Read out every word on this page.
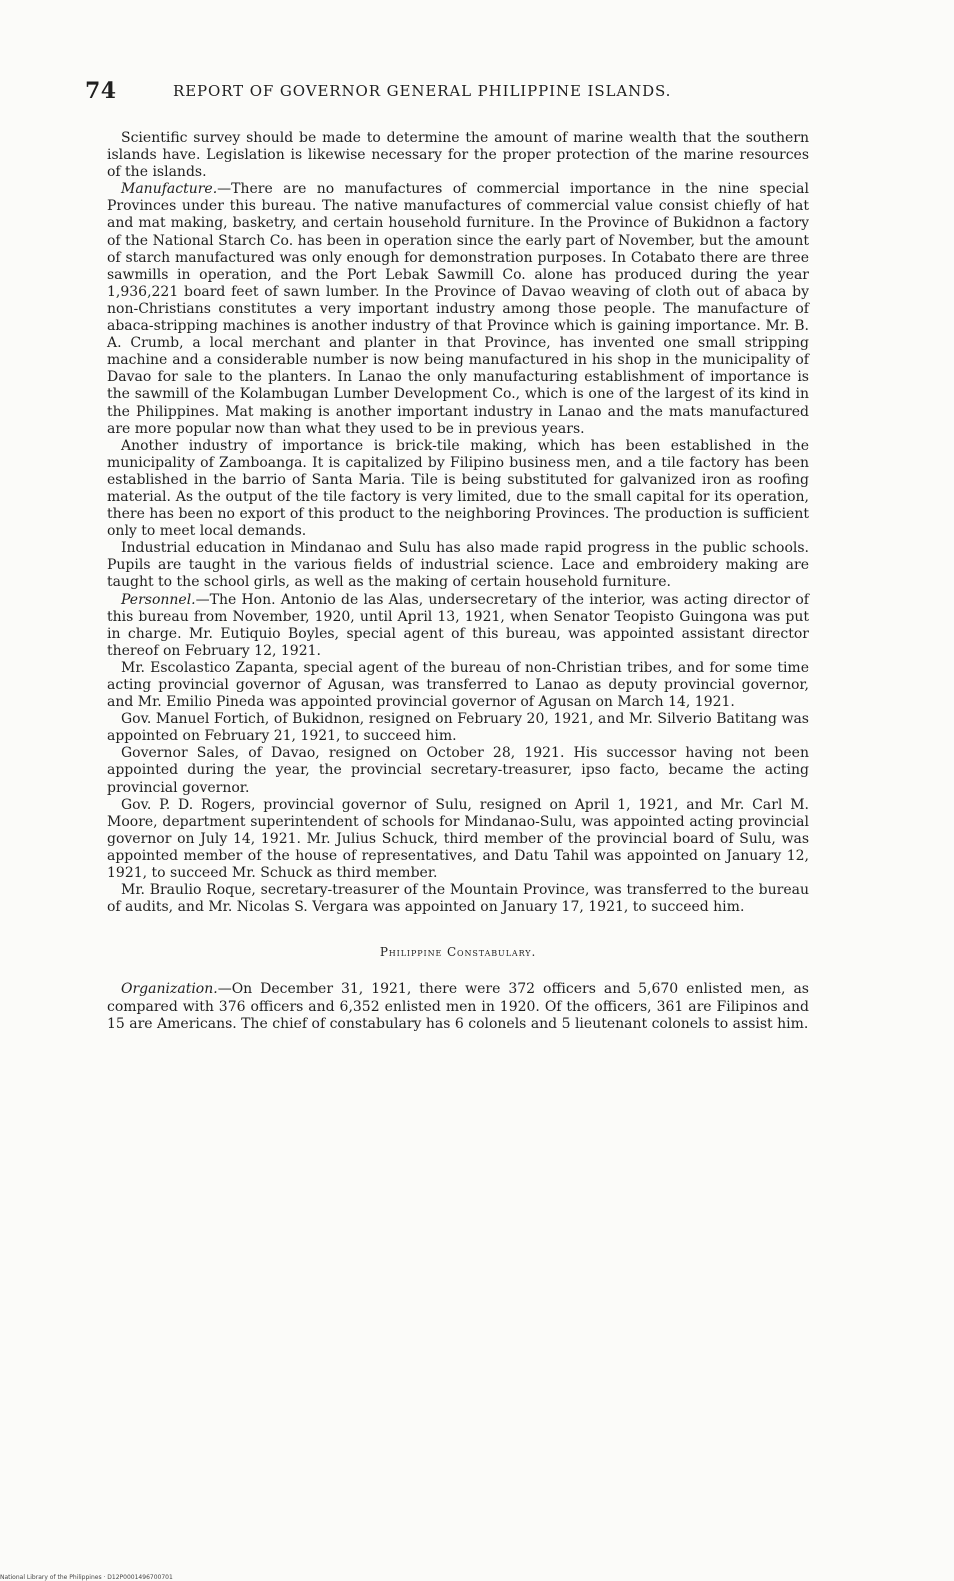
74	REPORT OF GOVERNOR GENERAL PHILIPPINE ISLANDS.

Scientific survey should be made to determine the amount of marine wealth that the southern islands have. Legislation is likewise necessary for the proper protection of the marine resources of the islands.

Manufacture.—There are no manufactures of commercial importance in the nine special Provinces under this bureau. The native manufactures of commercial value consist chiefly of hat and mat making, basketry, and certain household furniture. In the Province of Bukidnon a factory of the National Starch Co. has been in operation since the early part of November, but the amount of starch manufactured was only enough for demonstration purposes. In Cotabato there are three sawmills in operation, and the Port Lebak Sawmill Co. alone has produced during the year 1,936,221 board feet of sawn lumber. In the Province of Davao weaving of cloth out of abaca by non-Christians constitutes a very important industry among those people. The manufacture of abaca-stripping machines is another industry of that Province which is gaining importance. Mr. B. A. Crumb, a local merchant and planter in that Province, has invented one small stripping machine and a considerable number is now being manufactured in his shop in the municipality of Davao for sale to the planters. In Lanao the only manufacturing establishment of importance is the sawmill of the Kolambugan Lumber Development Co., which is one of the largest of its kind in the Philippines. Mat making is another important industry in Lanao and the mats manufactured are more popular now than what they used to be in previous years.

Another industry of importance is brick-tile making, which has been established in the municipality of Zamboanga. It is capitalized by Filipino business men, and a tile factory has been established in the barrio of Santa Maria. Tile is being substituted for galvanized iron as roofing material. As the output of the tile factory is very limited, due to the small capital for its operation, there has been no export of this product to the neighboring Provinces. The production is sufficient only to meet local demands.

Industrial education in Mindanao and Sulu has also made rapid progress in the public schools. Pupils are taught in the various fields of industrial science. Lace and embroidery making are taught to the school girls, as well as the making of certain household furniture.

Personnel.—The Hon. Antonio de las Alas, undersecretary of the interior, was acting director of this bureau from November, 1920, until April 13, 1921, when Senator Teopisto Guingona was put in charge. Mr. Eutiquio Boyles, special agent of this bureau, was appointed assistant director thereof on February 12, 1921.

Mr. Escolastico Zapanta, special agent of the bureau of non-Christian tribes, and for some time acting provincial governor of Agusan, was transferred to Lanao as deputy provincial governor, and Mr. Emilio Pineda was appointed provincial governor of Agusan on March 14, 1921.

Gov. Manuel Fortich, of Bukidnon, resigned on February 20, 1921, and Mr. Silverio Batitang was appointed on February 21, 1921, to succeed him.

Governor Sales, of Davao, resigned on October 28, 1921. His successor having not been appointed during the year, the provincial secretary-treasurer, ipso facto, became the acting provincial governor.

Gov. P. D. Rogers, provincial governor of Sulu, resigned on April 1, 1921, and Mr. Carl M. Moore, department superintendent of schools for Mindanao-Sulu, was appointed acting provincial governor on July 14, 1921. Mr. Julius Schuck, third member of the provincial board of Sulu, was appointed member of the house of representatives, and Datu Tahil was appointed on January 12, 1921, to succeed Mr. Schuck as third member.

Mr. Braulio Roque, secretary-treasurer of the Mountain Province, was transferred to the bureau of audits, and Mr. Nicolas S. Vergara was appointed on January 17, 1921, to succeed him.

Philippine Constabulary.

Organization.—On December 31, 1921, there were 372 officers and 5,670 enlisted men, as compared with 376 officers and 6,352 enlisted men in 1920. Of the officers, 361 are Filipinos and 15 are Americans. The chief of constabulary has 6 colonels and 5 lieutenant colonels to assist him.

National Library of the Philippines · D12P0001496700701
